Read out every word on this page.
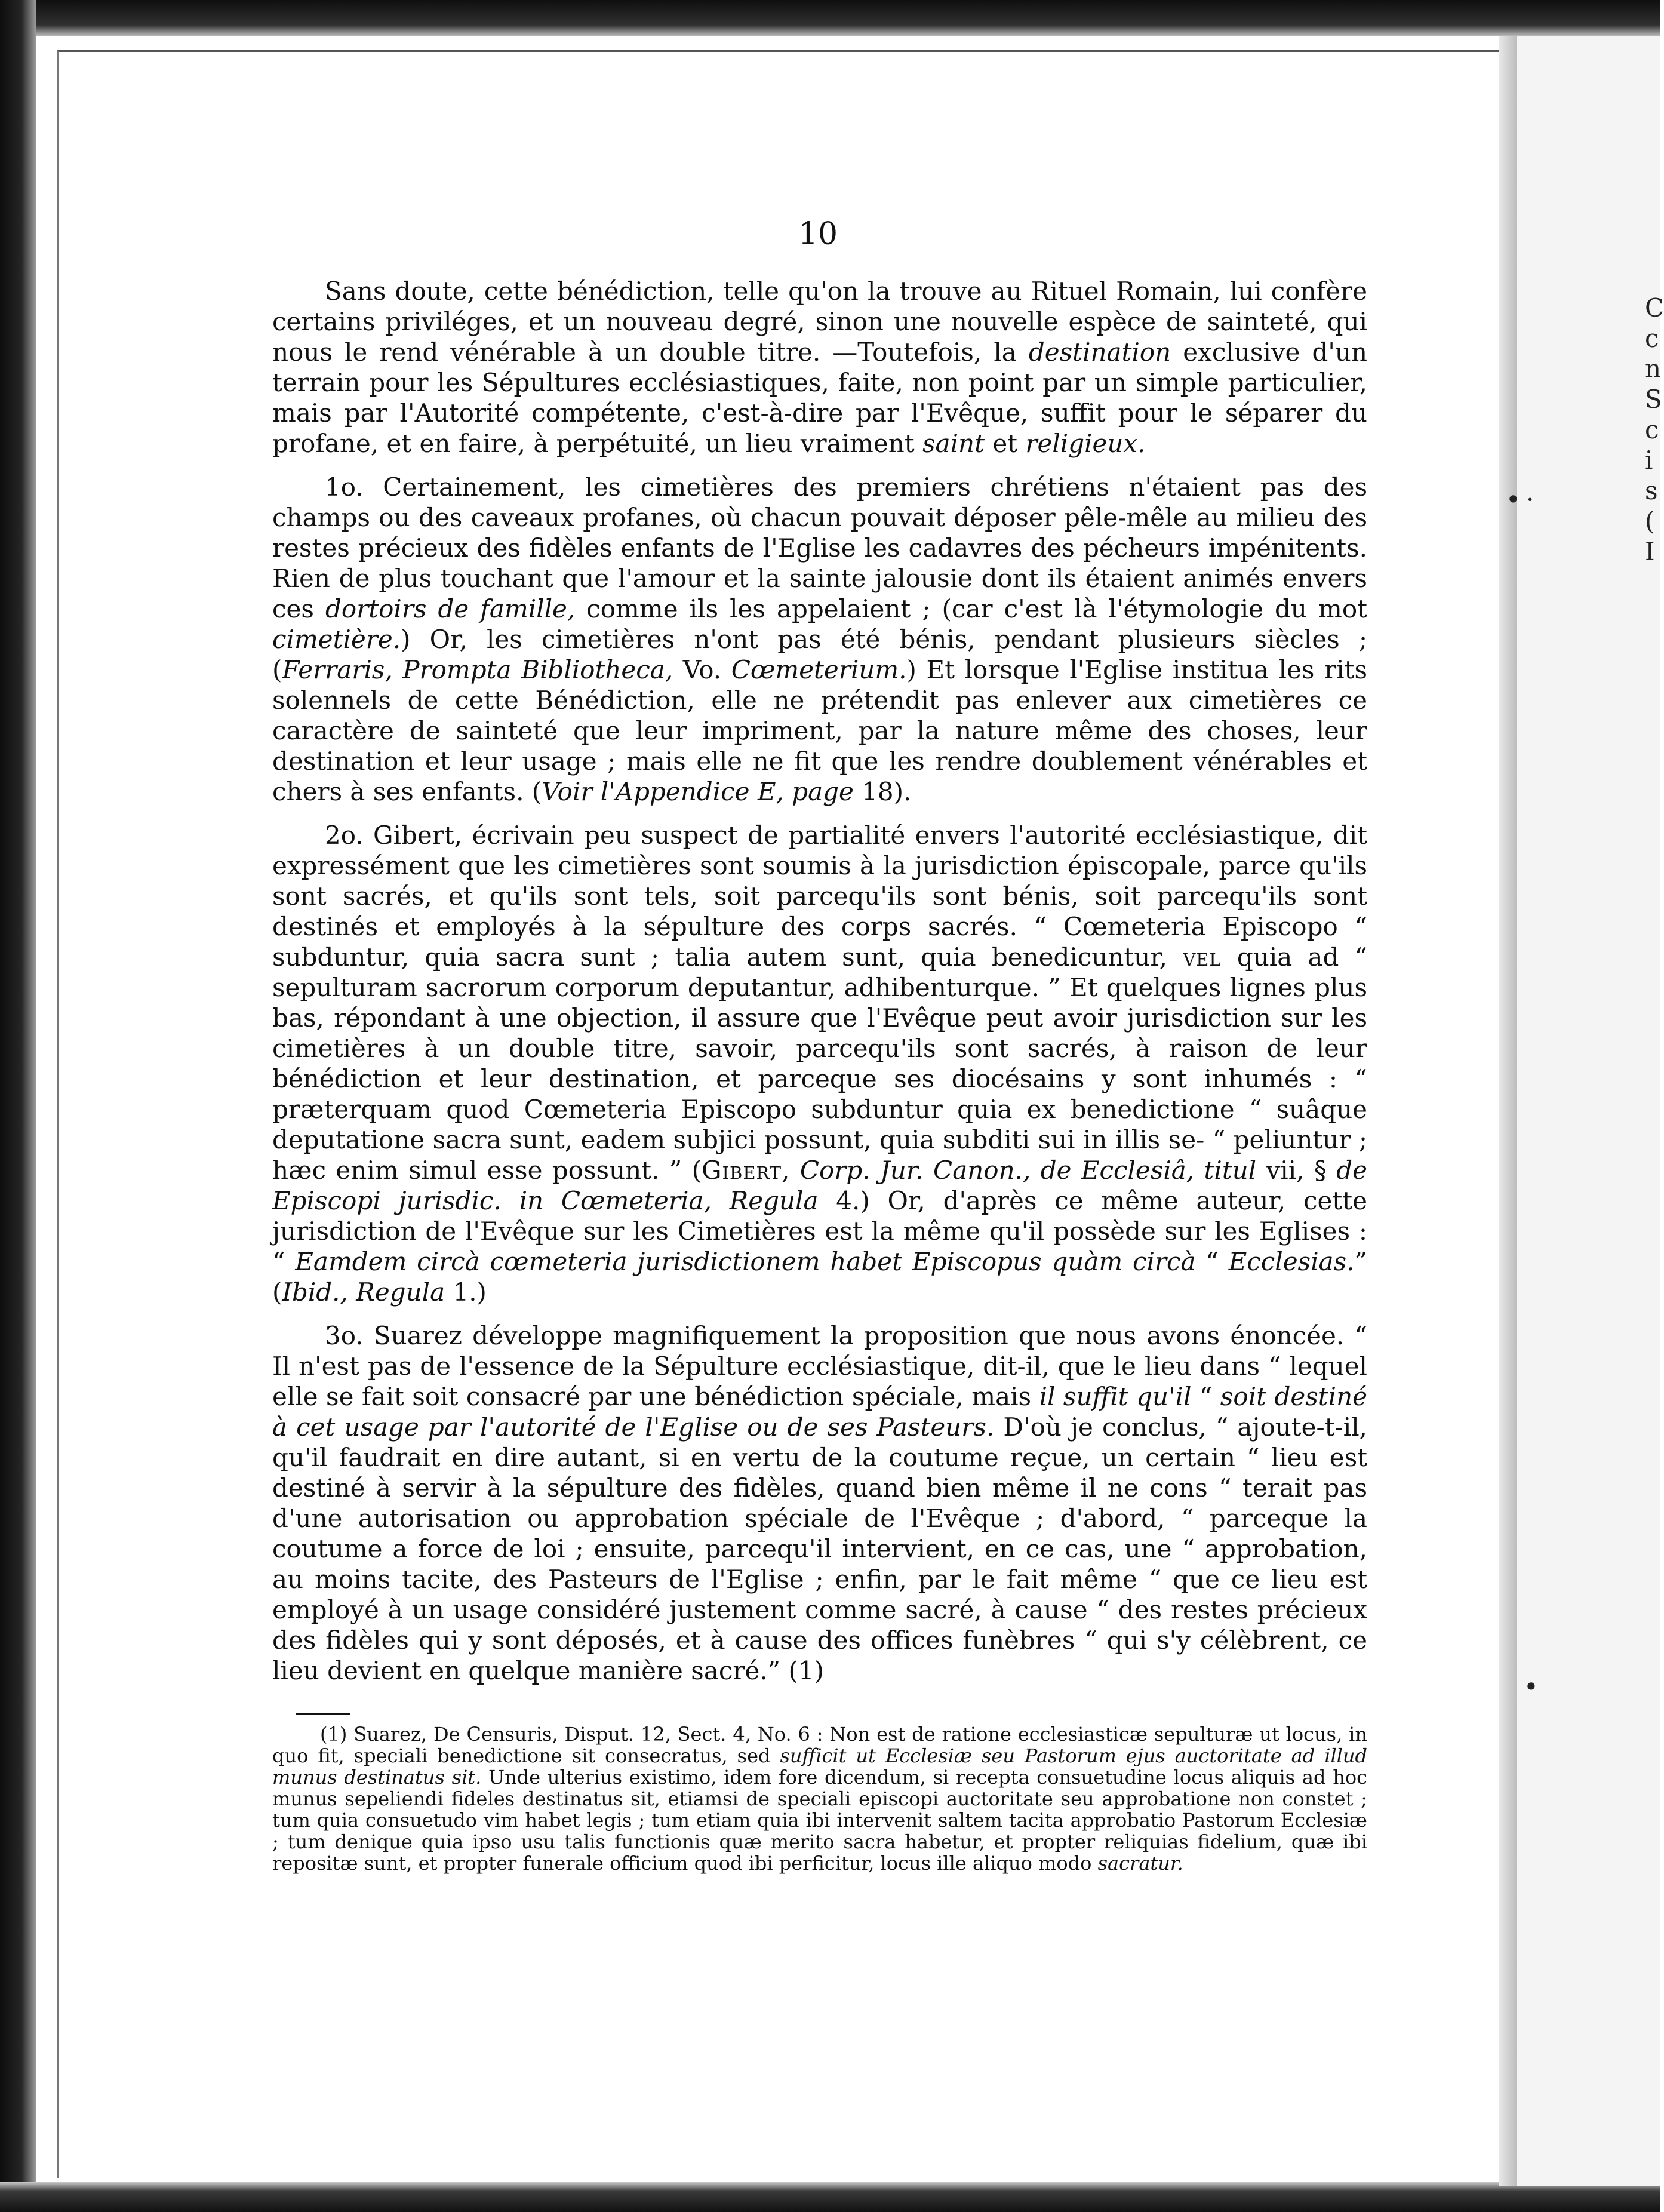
C
c
n
S
c
i
s
(
I
• ·
•
10

Sans doute, cette bénédiction, telle qu'on la trouve au Rituel Romain, lui confère certains priviléges, et un nouveau degré, sinon une nouvelle espèce de sainteté, qui nous le rend vénérable à un double titre. —Toutefois, la destination exclusive d'un terrain pour les Sépultures ecclésiastiques, faite, non point par un simple particulier, mais par l'Autorité compétente, c'est-à-dire par l'Evêque, suffit pour le séparer du profane, et en faire, à perpétuité, un lieu vraiment saint et religieux.

1o. Certainement, les cimetières des premiers chrétiens n'étaient pas des champs ou des caveaux profanes, où chacun pouvait déposer pêle-mêle au milieu des restes précieux des fidèles enfants de l'Eglise les cadavres des pécheurs impénitents. Rien de plus touchant que l'amour et la sainte jalousie dont ils étaient animés envers ces dortoirs de famille, comme ils les appelaient ; (car c'est là l'étymologie du mot cimetière.) Or, les cimetières n'ont pas été bénis, pendant plusieurs siècles ; (Ferraris, Prompta Bibliotheca, Vo. Cœmeterium.) Et lorsque l'Eglise institua les rits solennels de cette Bénédiction, elle ne prétendit pas enlever aux cimetières ce caractère de sainteté que leur impriment, par la nature même des choses, leur destination et leur usage ; mais elle ne fit que les rendre doublement vénérables et chers à ses enfants. (Voir l'Appendice E, page 18).

2o. Gibert, écrivain peu suspect de partialité envers l'autorité ecclésiastique, dit expressément que les cimetières sont soumis à la jurisdiction épiscopale, parce qu'ils sont sacrés, et qu'ils sont tels, soit parcequ'ils sont bénis, soit parcequ'ils sont destinés et employés à la sépulture des corps sacrés. “ Cœmeteria Episcopo “ subduntur, quia sacra sunt ; talia autem sunt, quia benedicuntur, vel quia ad “ sepulturam sacrorum corporum deputantur, adhibenturque. ” Et quelques lignes plus bas, répondant à une objection, il assure que l'Evêque peut avoir jurisdiction sur les cimetières à un double titre, savoir, parcequ'ils sont sacrés, à raison de leur bénédiction et leur destination, et parceque ses diocésains y sont inhumés : “ præterquam quod Cœmeteria Episcopo subduntur quia ex benedictione “ suâque deputatione sacra sunt, eadem subjici possunt, quia subditi sui in illis se- “ peliuntur ; hæc enim simul esse possunt. ” (Gibert, Corp. Jur. Canon., de Ecclesiâ, titul vii, § de Episcopi jurisdic. in Cœmeteria, Regula 4.) Or, d'après ce même auteur, cette jurisdiction de l'Evêque sur les Cimetières est la même qu'il possède sur les Eglises : “ Eamdem circà cœmeteria jurisdictionem habet Episcopus quàm circà “ Ecclesias.” (Ibid., Regula 1.)

3o. Suarez développe magnifiquement la proposition que nous avons énoncée. “ Il n'est pas de l'essence de la Sépulture ecclésiastique, dit-il, que le lieu dans “ lequel elle se fait soit consacré par une bénédiction spéciale, mais il suffit qu'il “ soit destiné à cet usage par l'autorité de l'Eglise ou de ses Pasteurs. D'où je conclus, “ ajoute-t-il, qu'il faudrait en dire autant, si en vertu de la coutume reçue, un certain “ lieu est destiné à servir à la sépulture des fidèles, quand bien même il ne cons “ terait pas d'une autorisation ou approbation spéciale de l'Evêque ; d'abord, “ parceque la coutume a force de loi ; ensuite, parcequ'il intervient, en ce cas, une “ approbation, au moins tacite, des Pasteurs de l'Eglise ; enfin, par le fait même “ que ce lieu est employé à un usage considéré justement comme sacré, à cause “ des restes précieux des fidèles qui y sont déposés, et à cause des offices funèbres “ qui s'y célèbrent, ce lieu devient en quelque manière sacré.” (1)

(1) Suarez, De Censuris, Disput. 12, Sect. 4, No. 6 : Non est de ratione ecclesiasticæ sepulturæ ut locus, in quo fit, speciali benedictione sit consecratus, sed sufficit ut Ecclesiæ seu Pastorum ejus auctoritate ad illud munus destinatus sit. Unde ulterius existimo, idem fore dicendum, si recepta consuetudine locus aliquis ad hoc munus sepeliendi fideles destinatus sit, etiamsi de speciali episcopi auctoritate seu approbatione non constet ; tum quia consuetudo vim habet legis ; tum etiam quia ibi intervenit saltem tacita approbatio Pastorum Ecclesiæ ; tum denique quia ipso usu talis functionis quæ merito sacra habetur, et propter reliquias fidelium, quæ ibi repositæ sunt, et propter funerale officium quod ibi perficitur, locus ille aliquo modo sacratur.
